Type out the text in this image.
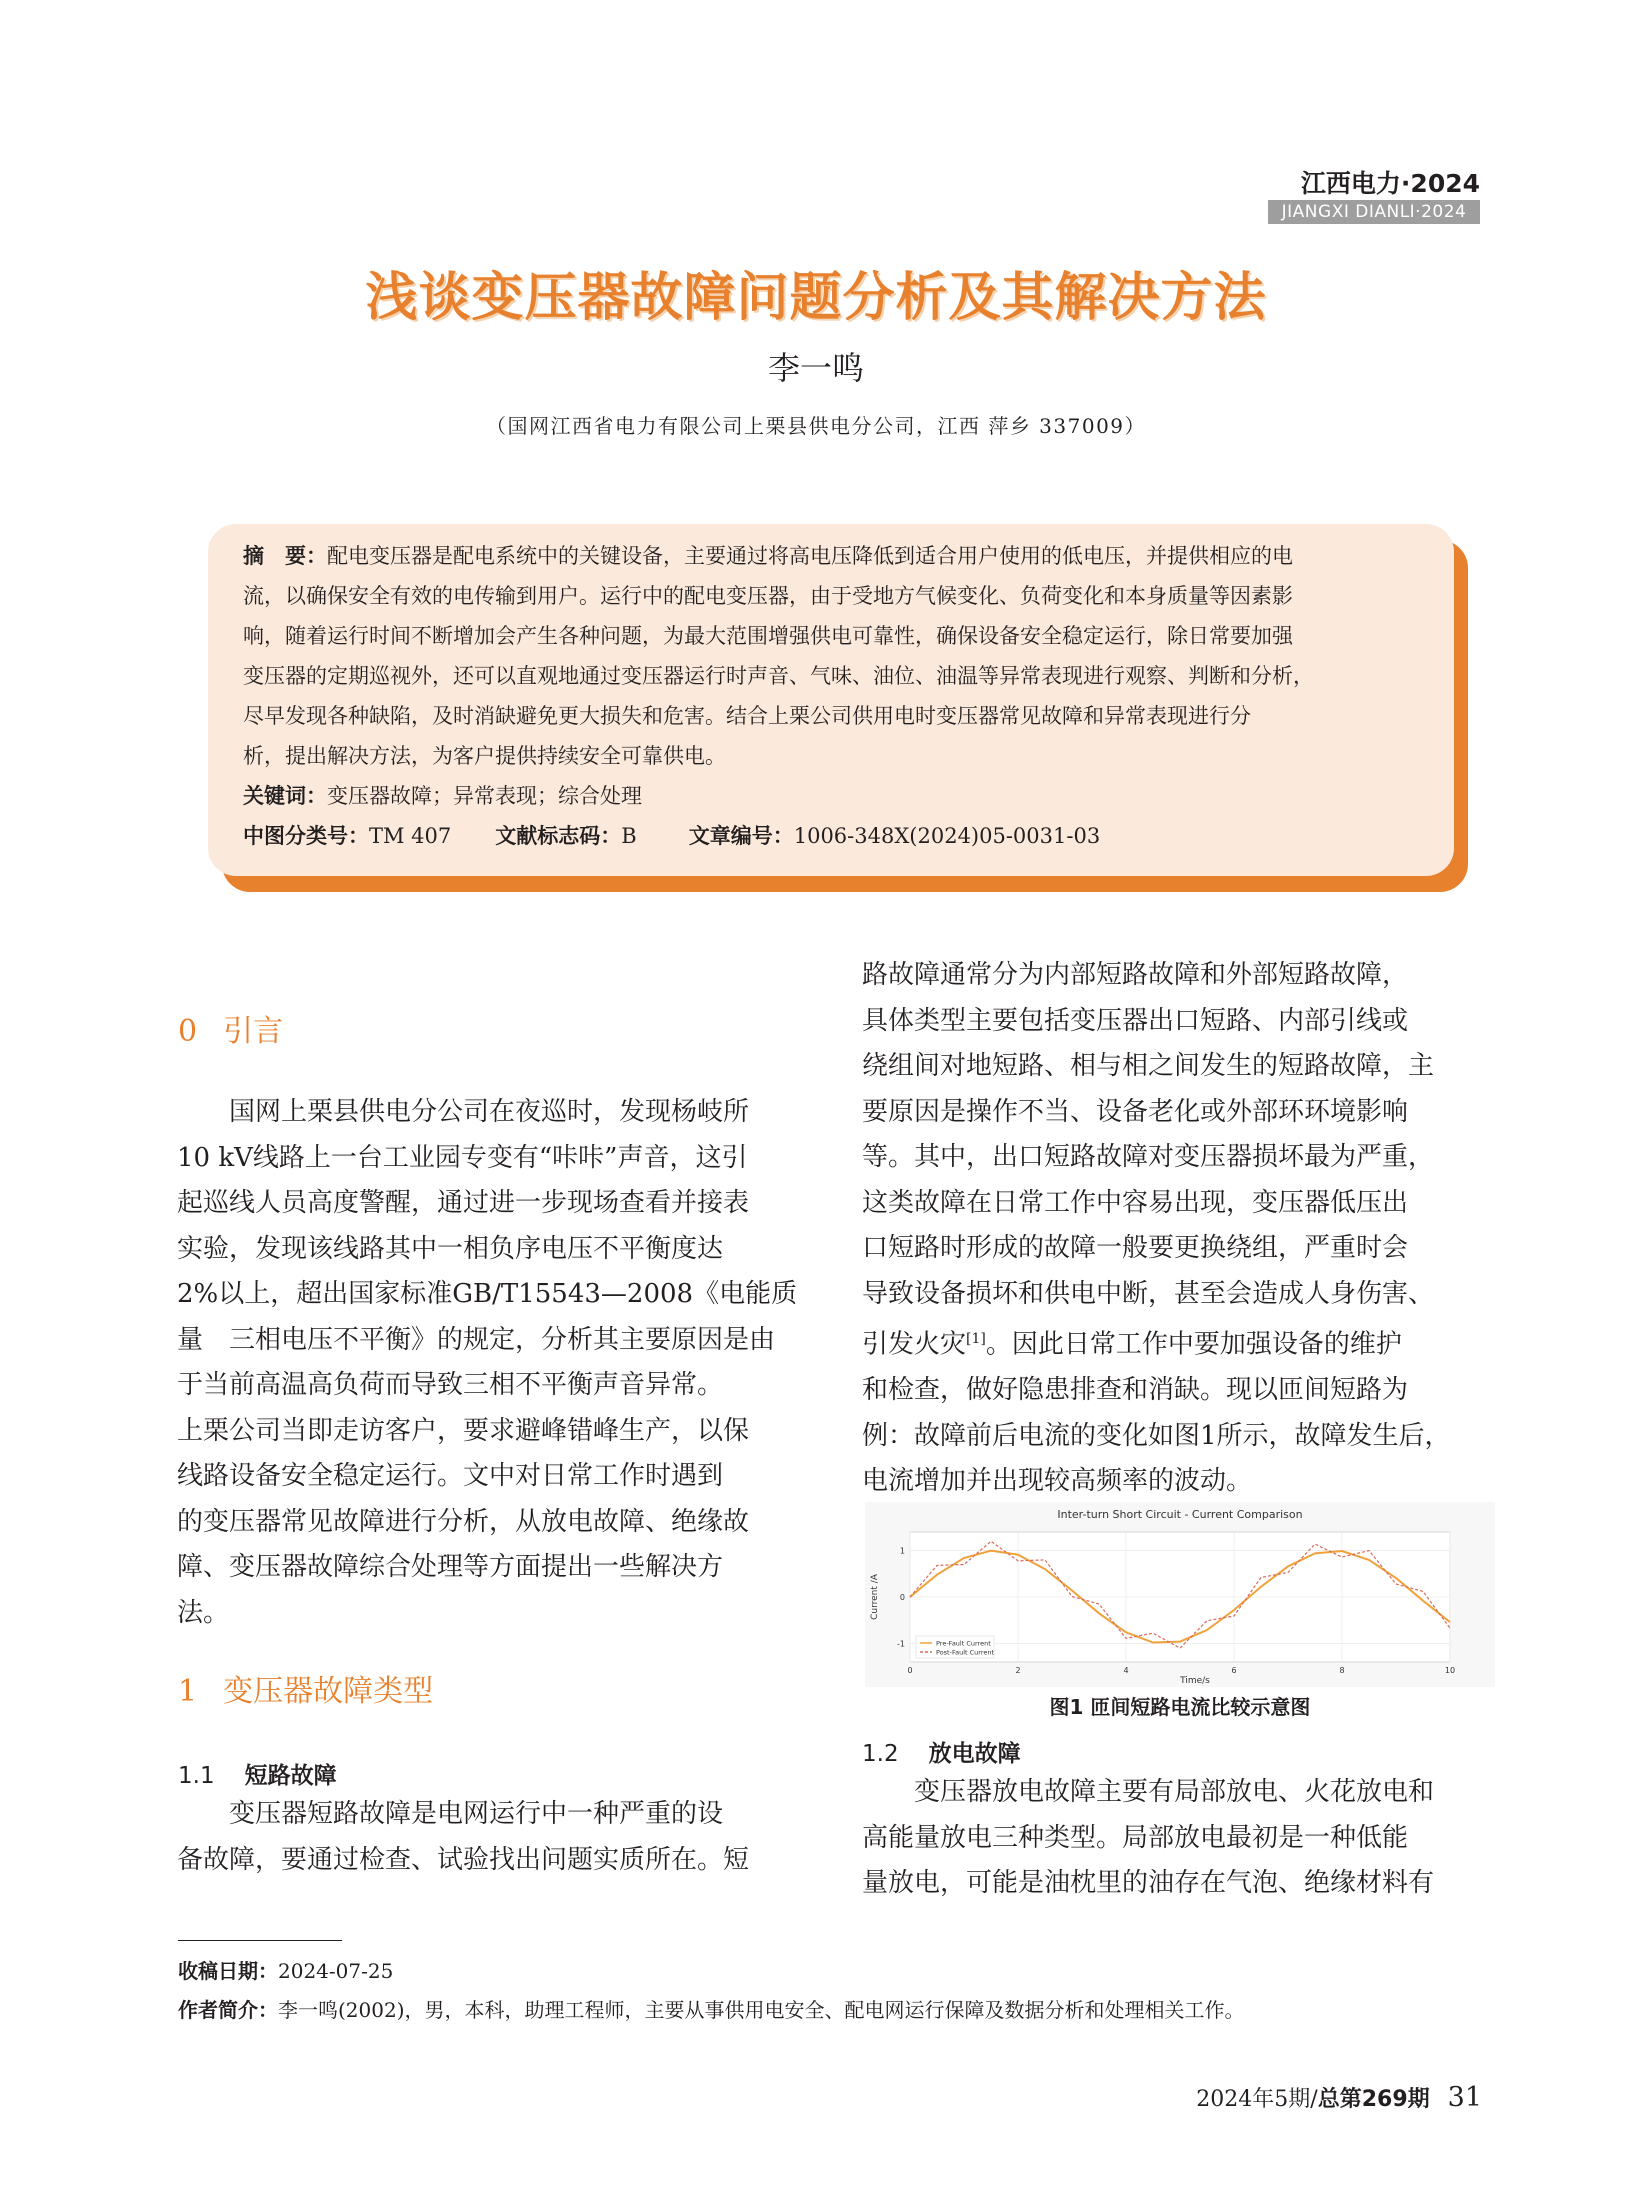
江西电力·2024
JIANGXI DIANLI·2024
浅谈变压器故障问题分析及其解决方法
李一鸣
（国网江西省电力有限公司上栗县供电分公司，江西 萍乡 337009）
摘　要：配电变压器是配电系统中的关键设备，主要通过将高电压降低到适合用户使用的低电压，并提供相应的电
流，以确保安全有效的电传输到用户。运行中的配电变压器，由于受地方气候变化、负荷变化和本身质量等因素影
响，随着运行时间不断增加会产生各种问题，为最大范围增强供电可靠性，确保设备安全稳定运行，除日常要加强
变压器的定期巡视外，还可以直观地通过变压器运行时声音、气味、油位、油温等异常表现进行观察、判断和分析，
尽早发现各种缺陷，及时消缺避免更大损失和危害。结合上栗公司供用电时变压器常见故障和异常表现进行分
析，提出解决方法，为客户提供持续安全可靠供电。
关键词：变压器故障；异常表现；综合处理
中图分类号：TM 407 文献标志码：B 文章编号：1006-348X(2024)05-0031-03
0 引言
　　国网上栗县供电分公司在夜巡时，发现杨岐所
10 kV线路上一台工业园专变有“咔咔”声音，这引
起巡线人员高度警醒，通过进一步现场查看并接表
实验，发现该线路其中一相负序电压不平衡度达
2%以上，超出国家标准GB/T15543—2008《电能质
量　三相电压不平衡》的规定，分析其主要原因是由
于当前高温高负荷而导致三相不平衡声音异常。
上栗公司当即走访客户，要求避峰错峰生产，以保
线路设备安全稳定运行。文中对日常工作时遇到
的变压器常见故障进行分析，从放电故障、绝缘故
障、变压器故障综合处理等方面提出一些解决方
法。
1 变压器故障类型
1.1 短路故障
　　变压器短路故障是电网运行中一种严重的设
备故障，要通过检查、试验找出问题实质所在。短
路故障通常分为内部短路故障和外部短路故障，
具体类型主要包括变压器出口短路、内部引线或
绕组间对地短路、相与相之间发生的短路故障，主
要原因是操作不当、设备老化或外部环环境影响
等。其中，出口短路故障对变压器损坏最为严重，
这类故障在日常工作中容易出现，变压器低压出
口短路时形成的故障一般要更换绕组，严重时会
导致设备损坏和供电中断，甚至会造成人身伤害、
引发火灾[1]。因此日常工作中要加强设备的维护
和检查，做好隐患排查和消缺。现以匝间短路为
例：故障前后电流的变化如图1所示，故障发生后，
电流增加并出现较高频率的波动。
Inter-turn Short Circuit - Current Comparison
Time/s
Current /A
0	2	4	6	8	10
1
0
-1	Pre-Fault Current
Post-Fault Current
图1 匝间短路电流比较示意图
1.2 放电故障
　　变压器放电故障主要有局部放电、火花放电和
高能量放电三种类型。局部放电最初是一种低能
量放电，可能是油枕里的油存在气泡、绝缘材料有
收稿日期：2024-07-25
作者简介：李一鸣(2002)，男，本科，助理工程师，主要从事供用电安全、配电网运行保障及数据分析和处理相关工作。
2024年5期/总第269期 31
